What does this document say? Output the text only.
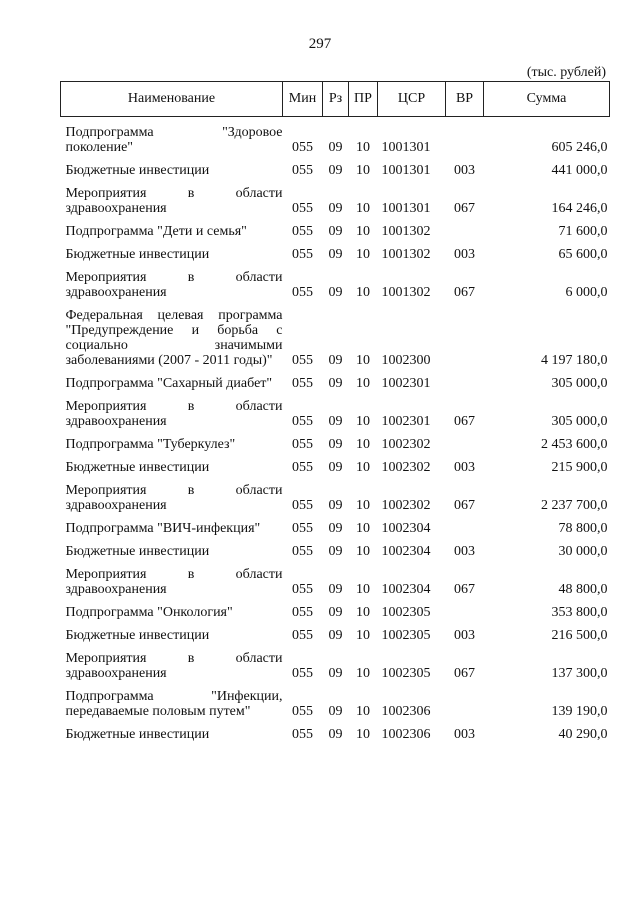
297
(тыс. рублей)
Наименование	Мин	Рз	ПР	ЦСР	ВР	Сумма
Подпрограмма "Здоровое поколение"	055	09	10	1001301		605 246,0
Бюджетные инвестиции	055	09	10	1001301	003	441 000,0
Мероприятия в области здравоохранения	055	09	10	1001301	067	164 246,0
Подпрограмма "Дети и семья"	055	09	10	1001302		71 600,0
Бюджетные инвестиции	055	09	10	1001302	003	65 600,0
Мероприятия в области здравоохранения	055	09	10	1001302	067	6 000,0
Федеральная целевая программа "Предупреждение и борьба с социально значимыми заболеваниями (2007 - 2011 годы)"	055	09	10	1002300		4 197 180,0
Подпрограмма "Сахарный диабет"	055	09	10	1002301		305 000,0
Мероприятия в области здравоохранения	055	09	10	1002301	067	305 000,0
Подпрограмма "Туберкулез"	055	09	10	1002302		2 453 600,0
Бюджетные инвестиции	055	09	10	1002302	003	215 900,0
Мероприятия в области здравоохранения	055	09	10	1002302	067	2 237 700,0
Подпрограмма "ВИЧ-инфекция"	055	09	10	1002304		78 800,0
Бюджетные инвестиции	055	09	10	1002304	003	30 000,0
Мероприятия в области здравоохранения	055	09	10	1002304	067	48 800,0
Подпрограмма "Онкология"	055	09	10	1002305		353 800,0
Бюджетные инвестиции	055	09	10	1002305	003	216 500,0
Мероприятия в области здравоохранения	055	09	10	1002305	067	137 300,0
Подпрограмма "Инфекции, передаваемые половым путем"	055	09	10	1002306		139 190,0
Бюджетные инвестиции	055	09	10	1002306	003	40 290,0
